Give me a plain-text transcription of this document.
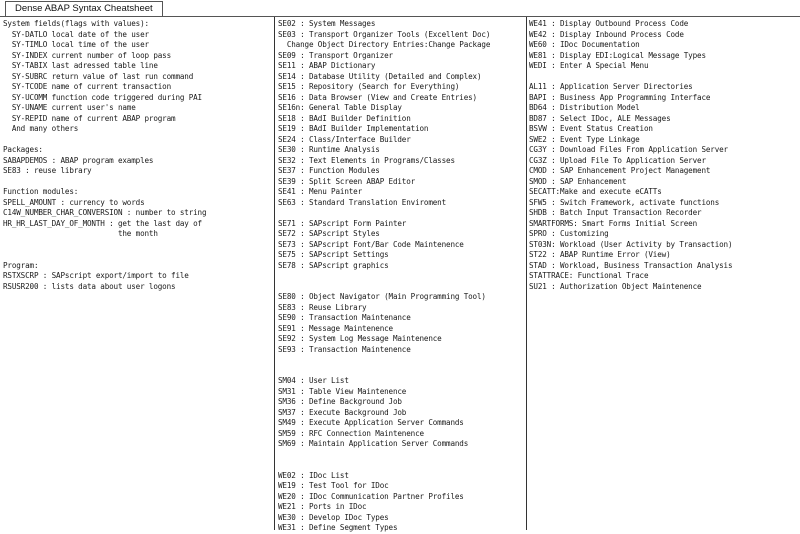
Dense ABAP Syntax Cheatsheet
System fields(flags with values):
SY-DATLO local date of the user
SY-TIMLO local time of the user
SY-INDEX current number of loop pass
SY-TABIX last adressed table line
SY-SUBRC return value of last run command
SY-TCODE name of current transaction
SY-UCOMM function code triggered during PAI
SY-UNAME current user's name
SY-REPID name of current ABAP program
And many others
Packages:
SABAPDEMOS : ABAP program examples
SE83 : reuse library
Function modules:
SPELL_AMOUNT : currency to words
C14W_NUMBER_CHAR_CONVERSION : number to string
HR_HR_LAST_DAY_OF_MONTH : get the last day of
the month
Program:
RSTXSCRP : SAPscript export/import to file
RSUSR200 : lists data about user logons
SE02 : System Messages
SE03 : Transport Organizer Tools (Excellent Doc)
Change Object Directory Entries:Change Package
SE09 : Transport Organizer
SE11 : ABAP Dictionary
SE14 : Database Utility (Detailed and Complex)
SE15 : Repository (Search for Everything)
SE16 : Data Browser (View and Create Entries)
SE16n: General Table Display
SE18 : BAdI Builder Definition
SE19 : BAdI Builder Implementation
SE24 : Class/Interface Builder
SE30 : Runtime Analysis
SE32 : Text Elements in Programs/Classes
SE37 : Function Modules
SE39 : Split Screen ABAP Editor
SE41 : Menu Painter
SE63 : Standard Translation Enviroment
SE71 : SAPscript Form Painter
SE72 : SAPscript Styles
SE73 : SAPscript Font/Bar Code Maintenence
SE75 : SAPscript Settings
SE78 : SAPscript graphics
SE80 : Object Navigator (Main Programming Tool)
SE83 : Reuse Library
SE90 : Transaction Maintenance
SE91 : Message Maintenence
SE92 : System Log Message Maintenence
SE93 : Transaction Maintenence
SM04 : User List
SM31 : Table View Maintenence
SM36 : Define Background Job
SM37 : Execute Background Job
SM49 : Execute Application Server Commands
SM59 : RFC Connection Maintenence
SM69 : Maintain Application Server Commands
WE02 : IDoc List
WE19 : Test Tool for IDoc
WE20 : IDoc Communication Partner Profiles
WE21 : Ports in IDoc
WE30 : Develop IDoc Types
WE31 : Define Segment Types
WE41 : Display Outbound Process Code
WE42 : Display Inbound Process Code
WE60 : IDoc Documentation
WE81 : Display EDI:Logical Message Types
WEDI : Enter A Special Menu
AL11 : Application Server Directories
BAPI : Business App Programming Interface
BD64 : Distribution Model
BD87 : Select IDoc, ALE Messages
BSVW : Event Status Creation
SWE2 : Event Type Linkage
CG3Y : Download Files From Application Server
CG3Z : Upload File To Application Server
CMOD : SAP Enhancement Project Management
SMOD : SAP Enhancement
SECATT:Make and execute eCATTs
SFW5 : Switch Framework, activate functions
SHDB : Batch Input Transaction Recorder
SMARTFORMS: Smart Forms Initial Screen
SPRO : Customizing
ST03N: Workload (User Activity by Transaction)
ST22 : ABAP Runtime Error (View)
STAD : Workload, Business Transaction Analysis
STATTRACE: Functional Trace
SU21 : Authorization Object Maintenence
